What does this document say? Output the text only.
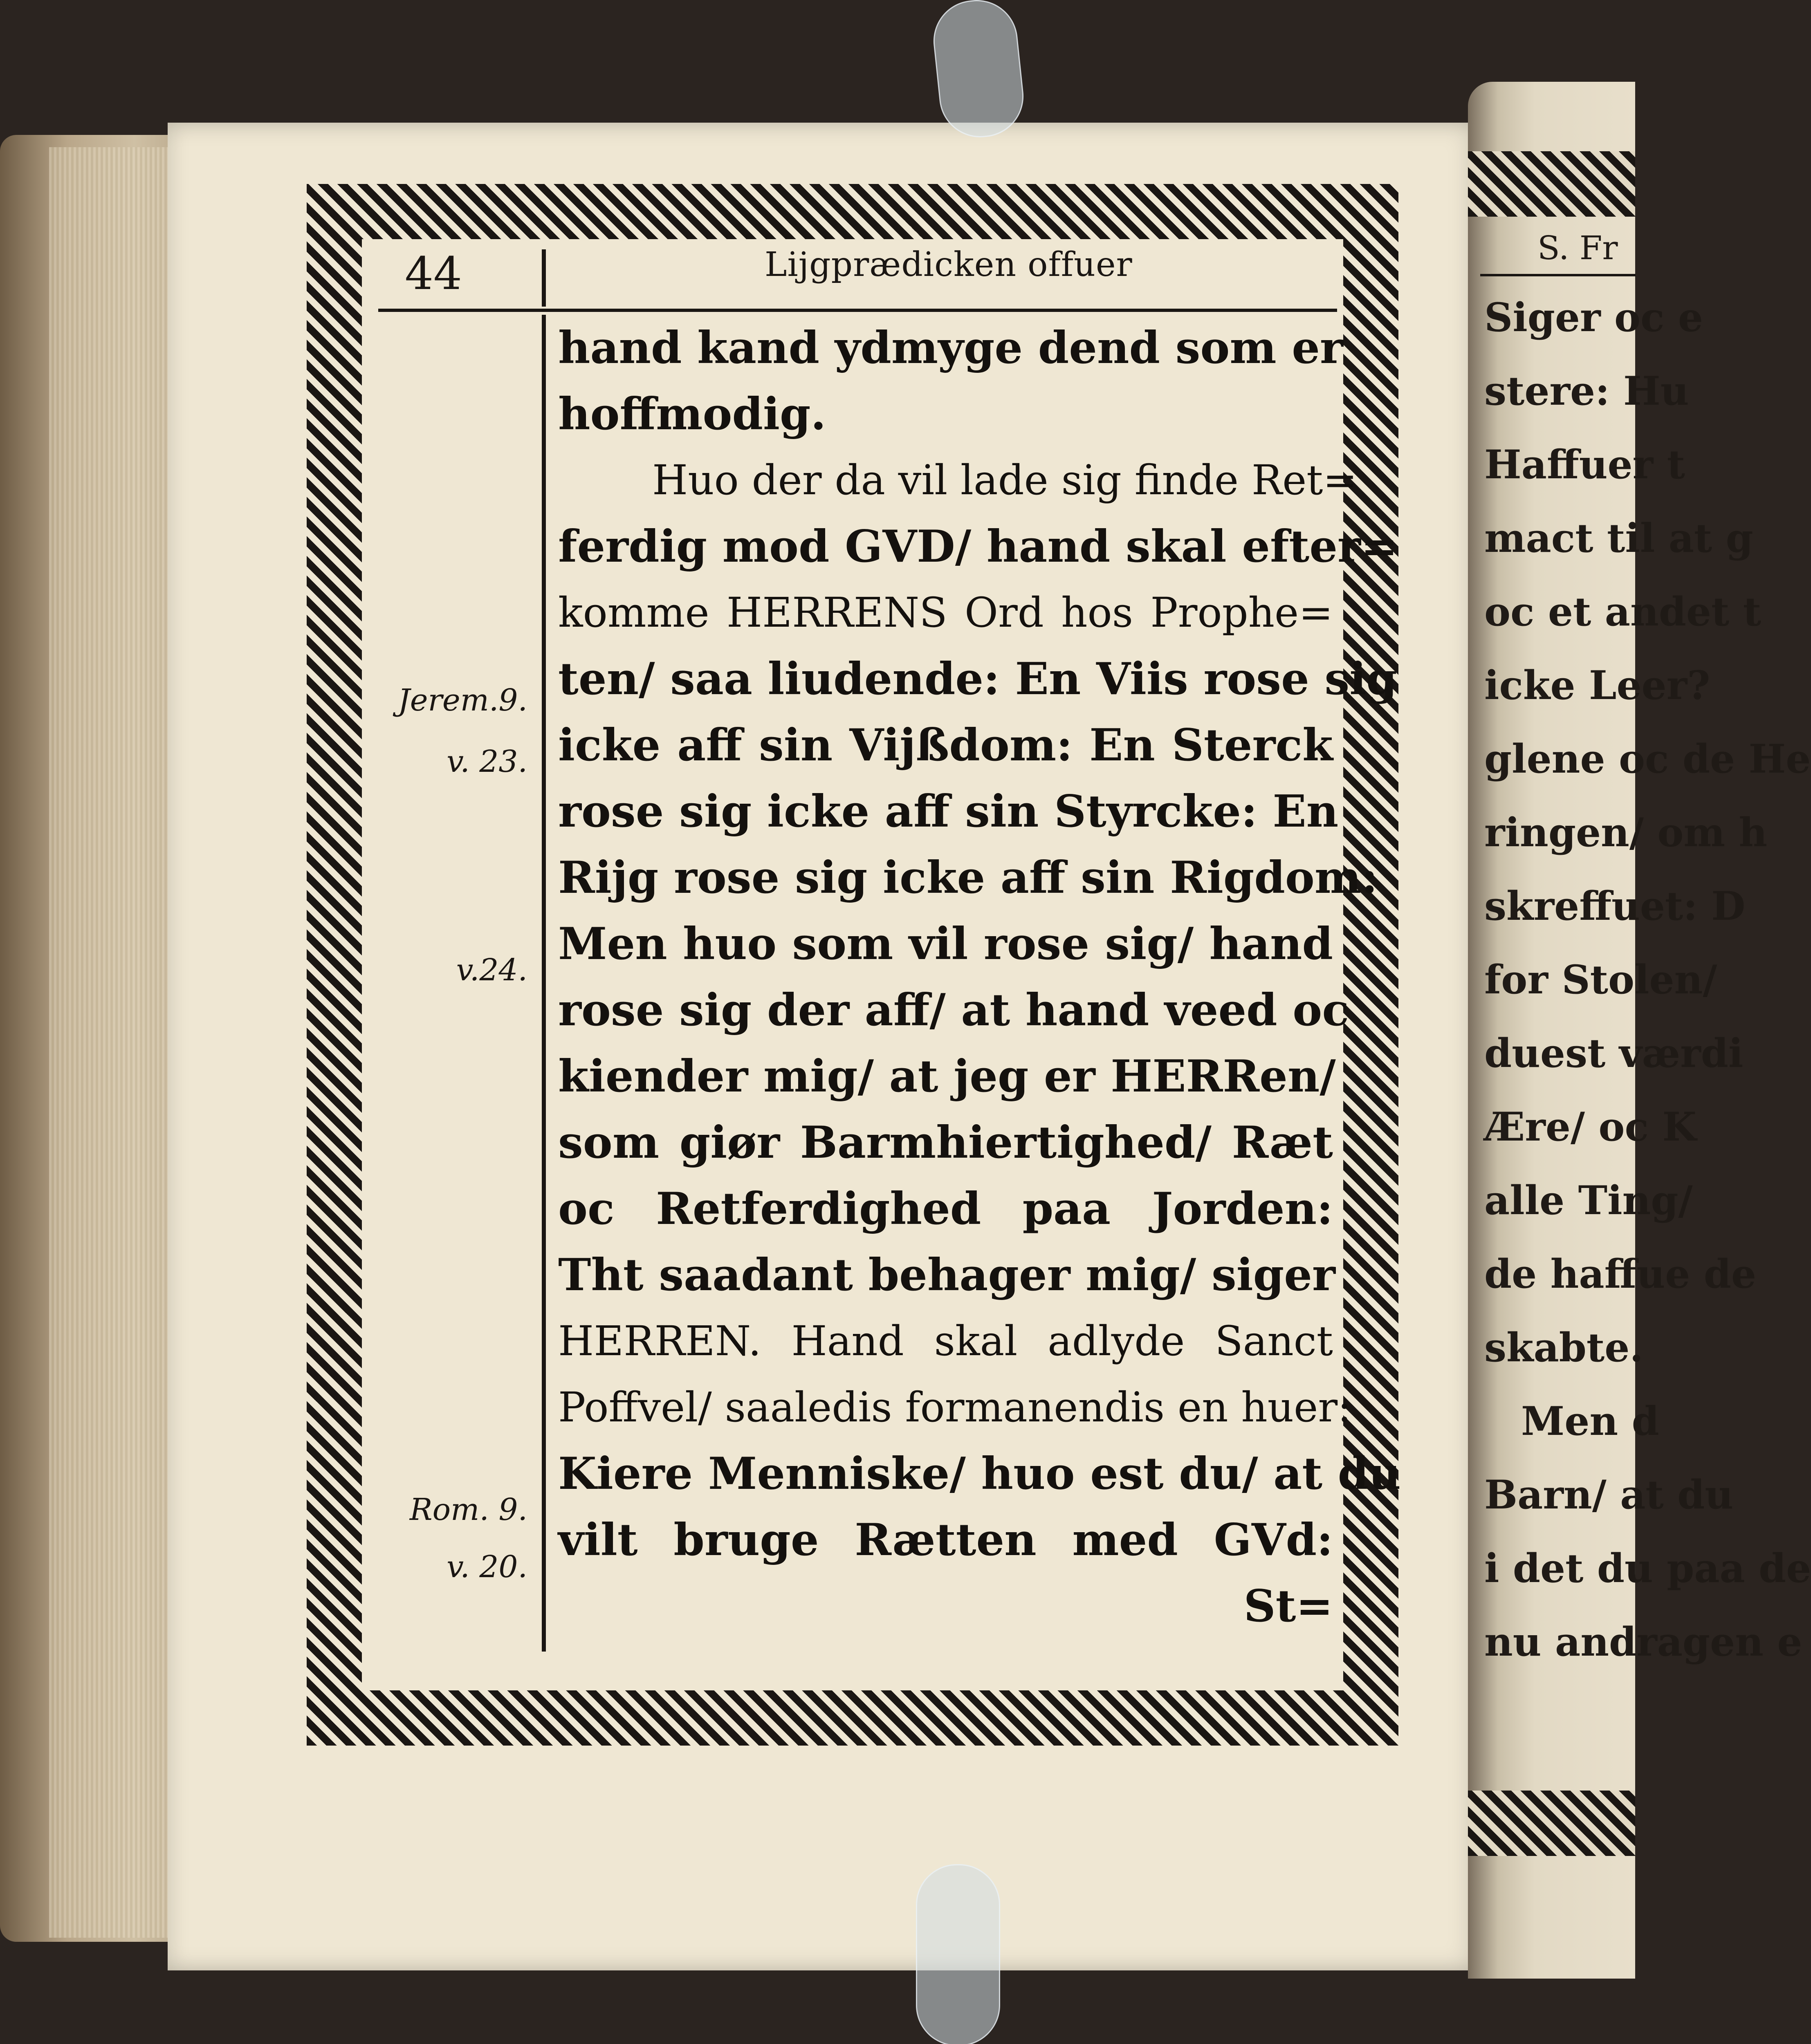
44	Lijgprædicken offuer
Jerem.9.
v. 23.
v.24.
Rom. 9.
v. 20.
hand kand ydmyge dend som er
hoffmodig.
Huo der da vil lade sig finde Ret=
ferdig mod GVD/ hand skal efter=
komme HERRENS Ord hos Prophe=
ten/ saa liudende: En Viis rose sig
icke aff sin Vijßdom: En Sterck
rose sig icke aff sin Styrcke: En
Rijg rose sig icke aff sin Rigdom:
Men huo som vil rose sig/ hand
rose sig der aff/ at hand veed oc
kiender mig/ at jeg er HERRen/
som giør Barmhiertighed/ Ræt
oc Retferdighed paa Jorden:
Tht saadant behager mig/ siger
HERREN. Hand skal adlyde Sanct
Poffvel/ saaledis formanendis en huer:
Kiere Menniske/ huo est du/ at du
vilt bruge Rætten med GVd:
St=
S. Fr
Siger oc e
stere: Hu
Haffuer t
mact til at g
oc et andet t
icke Leer?
glene oc de He
ringen/ om h
skreffuet: D
for Stolen/
duest værdi
Ære/ oc K
alle Ting/
de haffue de
skabte.
Men d
Barn/ at du
i det du paa de
nu andragen e
